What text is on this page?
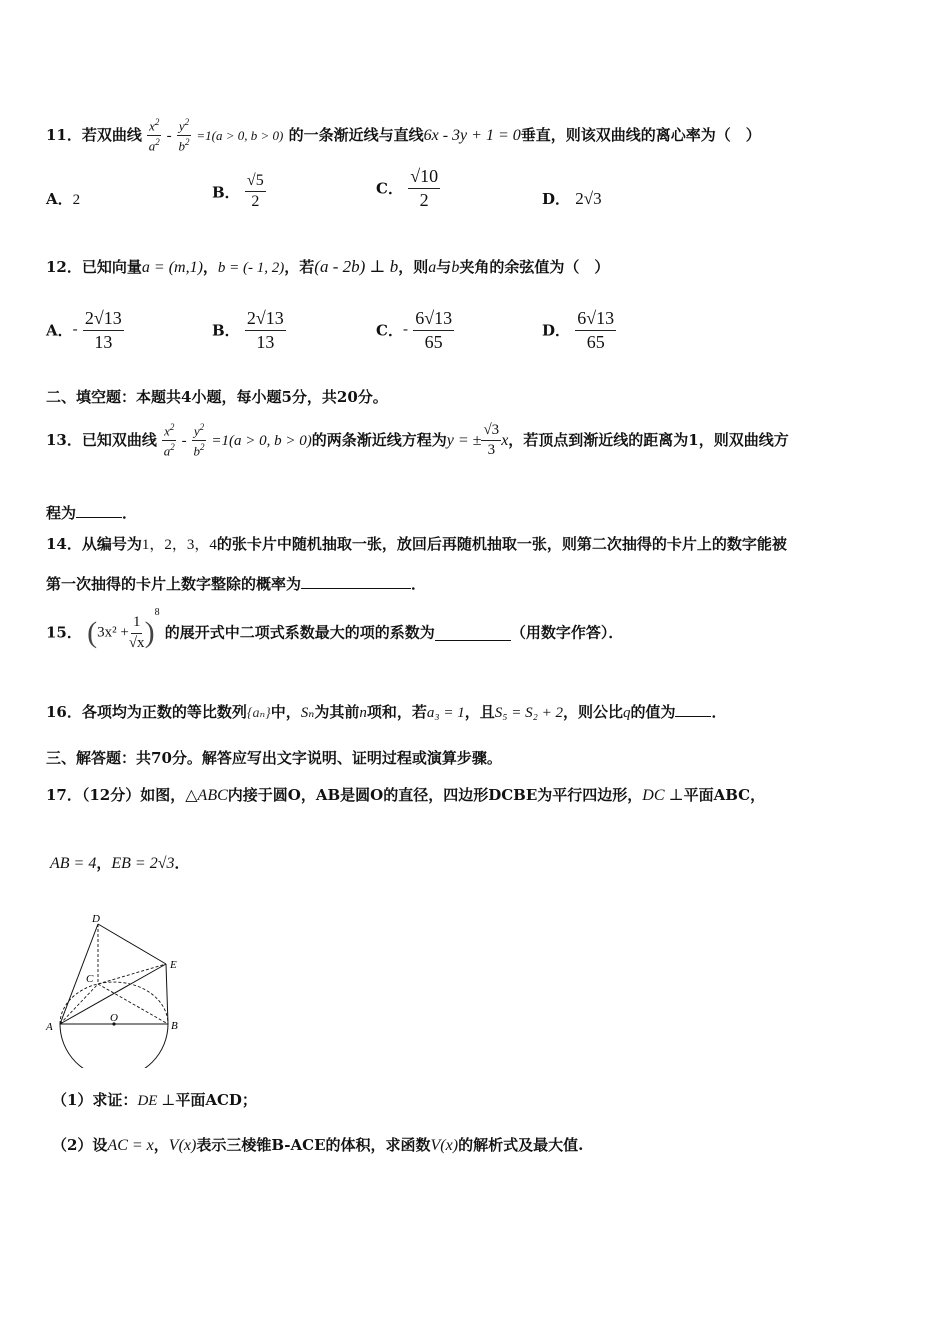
11．若双曲线 $\frac{x^2}{a^2} - \frac{y^2}{b^2} =1(a > 0$, b > 0) 的一条渐近线与直线6x - 3y + 1 = 0垂直，则该双曲线的离心率为（　）
A．2	B． $\frac{√5}{2}$	C． $\frac{√10}{2}$	D． 2√3
12．已知向量a = (m,1)，b = (- 1, 2)，若(a - 2b) ⊥ b，则a与b夹角的余弦值为（　）
A．- $\frac{2√13}{13}$	B． $\frac{2√13}{13}$	C．- $\frac{6√13}{65}$	D． $\frac{6√13}{65}$
二、填空题：本题共4小题，每小题5分，共20分。
13．已知双曲线 $\frac{x^2}{a^2} - \frac{y^2}{b^2} =1(a > 0$, b > 0)的两条渐近线方程为y = ± $\frac{√3}{3}$ x，若顶点到渐近线的距离为1，则双曲线方
程为	．
14．从编号为1，2，3，4的张卡片中随机抽取一张，放回后再随机抽取一张，则第二次抽得的卡片上的数字能被
第一次抽得的卡片上数字整除的概率为	．
15． $(3x^2 + \frac{1}{√x} )^8$ 的展开式中二项式系数最大的项的系数为	（用数字作答）．
16．各项均为正数的等比数列{aₙ}中，Sₙ为其前n项和，若a₃ = 1，且S₅ = S₂ + 2，则公比q的值为 ．
三、解答题：共70分。解答应写出文字说明、证明过程或演算步骤。
17．（12分）如图，△ABC内接于圆O，AB是圆O的直径，四边形DCBE为平行四边形，DC ⊥平面ABC，
AB = 4，EB = 2√3．
D
E
C
A
O
B
（1）求证：DE ⊥平面ACD；
（2）设AC = x，V(x)表示三棱锥B-ACE的体积，求函数V(x)的解析式及最大值.
